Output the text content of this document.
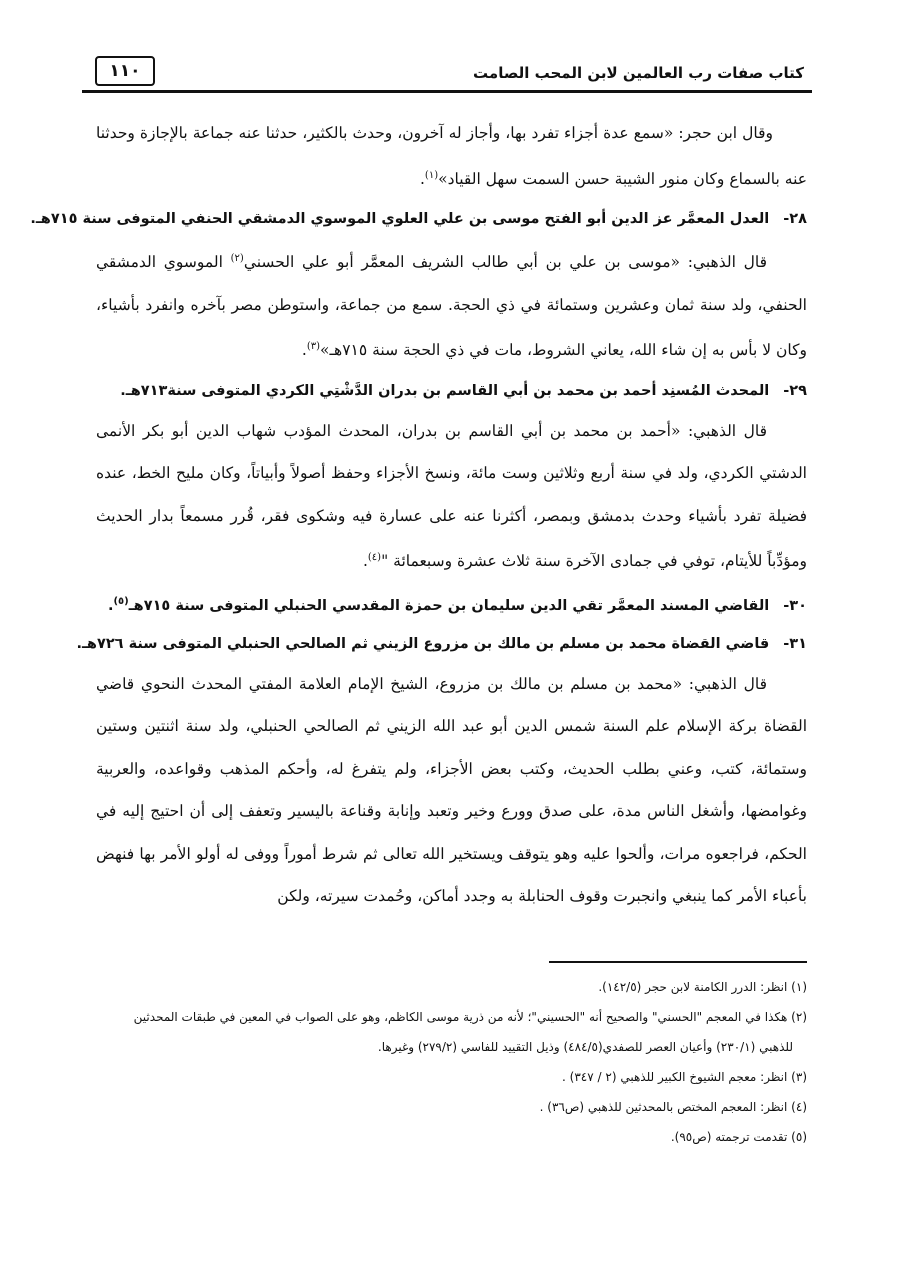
كتاب صفات رب العالمين لابن المحب الصامت
١١٠

وقال ابن حجر: «سمع عدة أجزاء تفرد بها، وأجاز له آخرون، وحدث بالكثير، حدثنا عنه جماعة بالإجازة وحدثنا عنه بالسماع وكان منور الشيبة حسن السمت سهل القياد»$^{(١)}$.

٢٨-العدل المعمَّر عز الدين أبو الفتح موسى بن علي العلوي الموسوي الدمشقي الحنفي المتوفى سنة ٧١٥هـ.

قال الذهبي: «موسى بن علي بن أبي طالب الشريف المعمَّر أبو علي الحسني$^{(٢)}$ الموسوي الدمشقي الحنفي، ولد سنة ثمان وعشرين وستمائة في ذي الحجة. سمع من جماعة، واستوطن مصر بآخره وانفرد بأشياء، وكان لا بأس به إن شاء الله، يعاني الشروط، مات في ذي الحجة سنة ٧١٥هـ»$^{(٣)}$.

٢٩-المحدث المُسنِد أحمد بن محمد بن أبي القاسم بن بدران الدَّشْتِي الكردي المتوفى سنة٧١٣هـ.

قال الذهبي: «أحمد بن محمد بن أبي القاسم بن بدران، المحدث المؤدب شهاب الدين أبو بكر الأنمى الدشتي الكردي، ولد في سنة أربع وثلاثين وست مائة، ونسخ الأجزاء وحفظ أصولاً وأبياتاً، وكان مليح الخط، عنده فضيلة تفرد بأشياء وحدث بدمشق وبمصر، أكثرنا عنه على عسارة فيه وشكوى فقر، قُرر مسمعاً بدار الحديث ومؤدِّباً للأيتام، توفي في جمادى الآخرة سنة ثلاث عشرة وسبعمائة "$^{(٤)}$.

٣٠-القاضي المسند المعمَّر تقي الدين سليمان بن حمزة المقدسي الحنبلي المتوفى سنة ٧١٥هـ$^{(٥)}$.
٣١-قاضي القضاة محمد بن مسلم بن مالك بن مزروع الزيني ثم الصالحي الحنبلي المتوفى سنة ٧٢٦هـ.

قال الذهبي: «محمد بن مسلم بن مالك بن مزروع، الشيخ الإمام العلامة المفتي المحدث النحوي قاضي القضاة بركة الإسلام علم السنة شمس الدين أبو عبد الله الزيني ثم الصالحي الحنبلي، ولد سنة اثنتين وستين وستمائة، كتب، وعني بطلب الحديث، وكتب بعض الأجزاء، ولم يتفرغ له، وأحكم المذهب وقواعده، والعربية وغوامضها، وأشغل الناس مدة، على صدق وورع وخير وتعبد وإنابة وقناعة باليسير وتعفف إلى أن احتيج إليه في الحكم، فراجعوه مرات، وألحوا عليه وهو يتوقف ويستخير الله تعالى ثم شرط أموراً ووفى له أولو الأمر بها فنهض بأعباء الأمر كما ينبغي وانجبرت وقوف الحنابلة به وجدد أماكن، وحُمدت سيرته، ولكن

(١) انظر: الدرر الكامنة لابن حجر (١٤٢/٥).

(٢) هكذا في المعجم "الحسني" والصحيح أنه "الحسيني"؛ لأنه من ذرية موسى الكاظم، وهو على الصواب في المعين في طبقات المحدثين
للذهبي (٢٣٠/١) وأعيان العصر للصفدي(٤٨٤/٥) وذيل التقييد للفاسي (٢٧٩/٢) وغيرها.

(٣) انظر: معجم الشيوخ الكبير للذهبي (٢ / ٣٤٧) .

(٤) انظر: المعجم المختص بالمحدثين للذهبي (ص٣٦) .

(٥) تقدمت ترجمته (ص٩٥).
